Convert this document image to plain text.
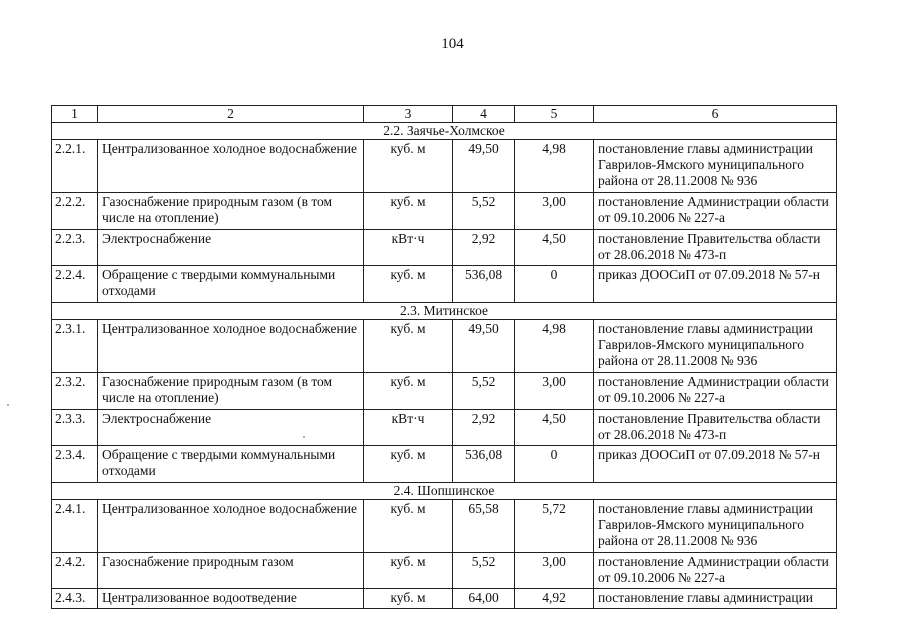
104
1	2	3	4	5	6
2.2. Заячье-Холмское					
2.2.1.	Централизованное холодное водоснабжение	куб. м	49,50	4,98	постановление главы администрации Гаврилов-Ямского муниципального района от 28.11.2008 № 936
2.2.2.	Газоснабжение природным газом (в том числе на отопление)	куб. м	5,52	3,00	постановление Администрации области от 09.10.2006 № 227-а
2.2.3.	Электроснабжение	кВт·ч	2,92	4,50	постановление Правительства области от 28.06.2018 № 473-п
2.2.4.	Обращение с твердыми коммунальными отходами	куб. м	536,08	0	приказ ДООСиП от 07.09.2018 № 57-н
2.3. Митинское					
2.3.1.	Централизованное холодное водоснабжение	куб. м	49,50	4,98	постановление главы администрации Гаврилов-Ямского муниципального района от 28.11.2008 № 936
2.3.2.	Газоснабжение природным газом (в том числе на отопление)	куб. м	5,52	3,00	постановление Администрации области от 09.10.2006 № 227-а
2.3.3.	Электроснабжение	кВт·ч	2,92	4,50	постановление Правительства области от 28.06.2018 № 473-п
2.3.4.	Обращение с твердыми коммунальными отходами	куб. м	536,08	0	приказ ДООСиП от 07.09.2018 № 57-н
2.4. Шопшинское					
2.4.1.	Централизованное холодное водоснабжение	куб. м	65,58	5,72	постановление главы администрации Гаврилов-Ямского муниципального района от 28.11.2008 № 936
2.4.2.	Газоснабжение природным газом	куб. м	5,52	3,00	постановление Администрации области от 09.10.2006 № 227-а
2.4.3.	Централизованное водоотведение	куб. м	64,00	4,92	постановление главы администрации
